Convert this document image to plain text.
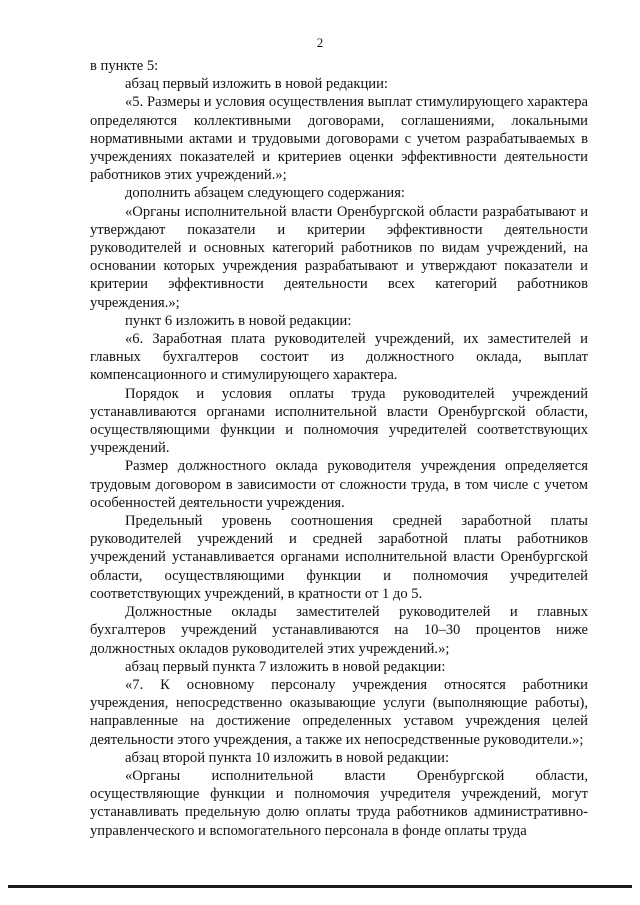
2

в пункте 5:

абзац первый изложить в новой редакции:

«5. Размеры и условия осуществления выплат стимулирующего характера определяются коллективными договорами, соглашениями, локальными нормативными актами и трудовыми договорами с учетом разрабатываемых в учреждениях показателей и критериев оценки эффективности деятельности работников этих учреждений.»;

дополнить абзацем следующего содержания:

«Органы исполнительной власти Оренбургской области разрабатывают и утверждают показатели и критерии эффективности деятельности руководителей и основных категорий работников по видам учреждений, на основании которых учреждения разрабатывают и утверждают показатели и критерии эффективности деятельности всех категорий работников учреждения.»;

пункт 6 изложить в новой редакции:

«6. Заработная плата руководителей учреждений, их заместителей и главных бухгалтеров состоит из должностного оклада, выплат компенсационного и стимулирующего характера.

Порядок и условия оплаты труда руководителей учреждений устанавливаются органами исполнительной власти Оренбургской области, осуществляющими функции и полномочия учредителей соответствующих учреждений.

Размер должностного оклада руководителя учреждения определяется трудовым договором в зависимости от сложности труда, в том числе с учетом особенностей деятельности учреждения.

Предельный уровень соотношения средней заработной платы руководителей учреждений и средней заработной платы работников учреждений устанавливается органами исполнительной власти Оренбургской области, осуществляющими функции и полномочия учредителей соответствующих учреждений, в кратности от 1 до 5.

Должностные оклады заместителей руководителей и главных бухгалтеров учреждений устанавливаются на 10–30 процентов ниже должностных окладов руководителей этих учреждений.»;

абзац первый пункта 7 изложить в новой редакции:

«7. К основному персоналу учреждения относятся работники учреждения, непосредственно оказывающие услуги (выполняющие работы), направленные на достижение определенных уставом учреждения целей деятельности этого учреждения, а также их непосредственные руководители.»;

абзац второй пункта 10 изложить в новой редакции:

«Органы исполнительной власти Оренбургской области, осуществляющие функции и полномочия учредителя учреждений, могут устанавливать предельную долю оплаты труда работников административно-управленческого и вспомогательного персонала в фонде оплаты труда
